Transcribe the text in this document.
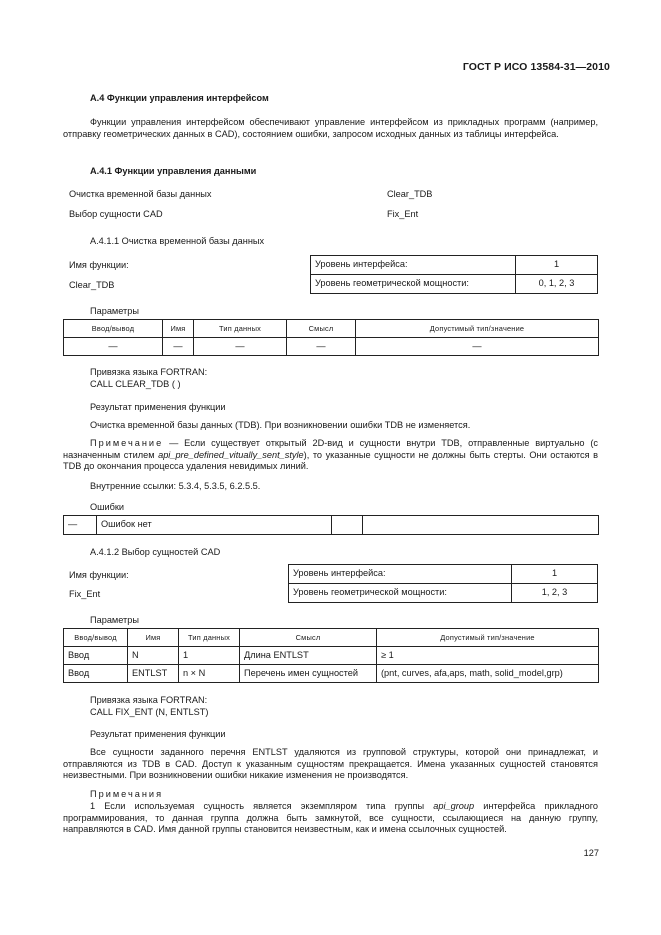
ГОСТ Р ИСО 13584-31—2010
А.4 Функции управления интерфейсом
Функции управления интерфейсом обеспечивают управление интерфейсом из прикладных программ (например, отправку геометрических данных в CAD), состоянием ошибки, запросом исходных данных из таблицы интерфейса.
А.4.1 Функции управления данными
Очистка временной базы данных	Clear_TDB
Выбор сущности CAD	Fix_Ent
А.4.1.1 Очистка временной базы данных
Имя функции:
Clear_TDB
Уровень интерфейса:	1
Уровень геометрической мощности:	0, 1, 2, 3
Параметры
Ввод/вывод	Имя	Тип данных	Смысл	Допустимый тип/значение
—	—	—	—	—
Привязка языка FORTRAN:
CALL CLEAR_TDB ( )
Результат применения функции
Очистка временной базы данных (TDB). При возникновении ошибки TDB не изменяется.
Примечание — Если существует открытый 2D-вид и сущности внутри TDB, отправленные виртуально (с назначенным стилем api_pre_defined_vitually_sent_style), то указанные сущности не должны быть стерты. Они остаются в TDB до окончания процесса удаления невидимых линий.
Внутренние ссылки: 5.3.4, 5.3.5, 6.2.5.5.
Ошибки
—	Ошибок нет		
А.4.1.2 Выбор сущностей CAD
Имя функции:
Fix_Ent
Уровень интерфейса:	1
Уровень геометрической мощности:	1, 2, 3
Параметры
Ввод/вывод	Имя	Тип данных	Смысл	Допустимый тип/значение
Ввод	N	1	Длина ENTLST	≥ 1
Ввод	ENTLST	n × N	Перечень имен сущностей	(pnt, curves, afa,aps, math, solid_model,grp)
Привязка языка FORTRAN:
CALL FIX_ENT (N, ENTLST)
Результат применения функции
Все сущности заданного перечня ENTLST удаляются из групповой структуры, которой они принадлежат, и отправляются из TDB в CAD. Доступ к указанным сущностям прекращается. Имена указанных сущностей становятся неизвестными. При возникновении ошибки никакие изменения не производятся.
Примечания
1 Если используемая сущность является экземпляром типа группы api_group интерфейса прикладного программирования, то данная группа должна быть замкнутой, все сущности, ссылающиеся на данную группу, направляются в CAD. Имя данной группы становится неизвестным, как и имена ссылочных сущностей.
127
